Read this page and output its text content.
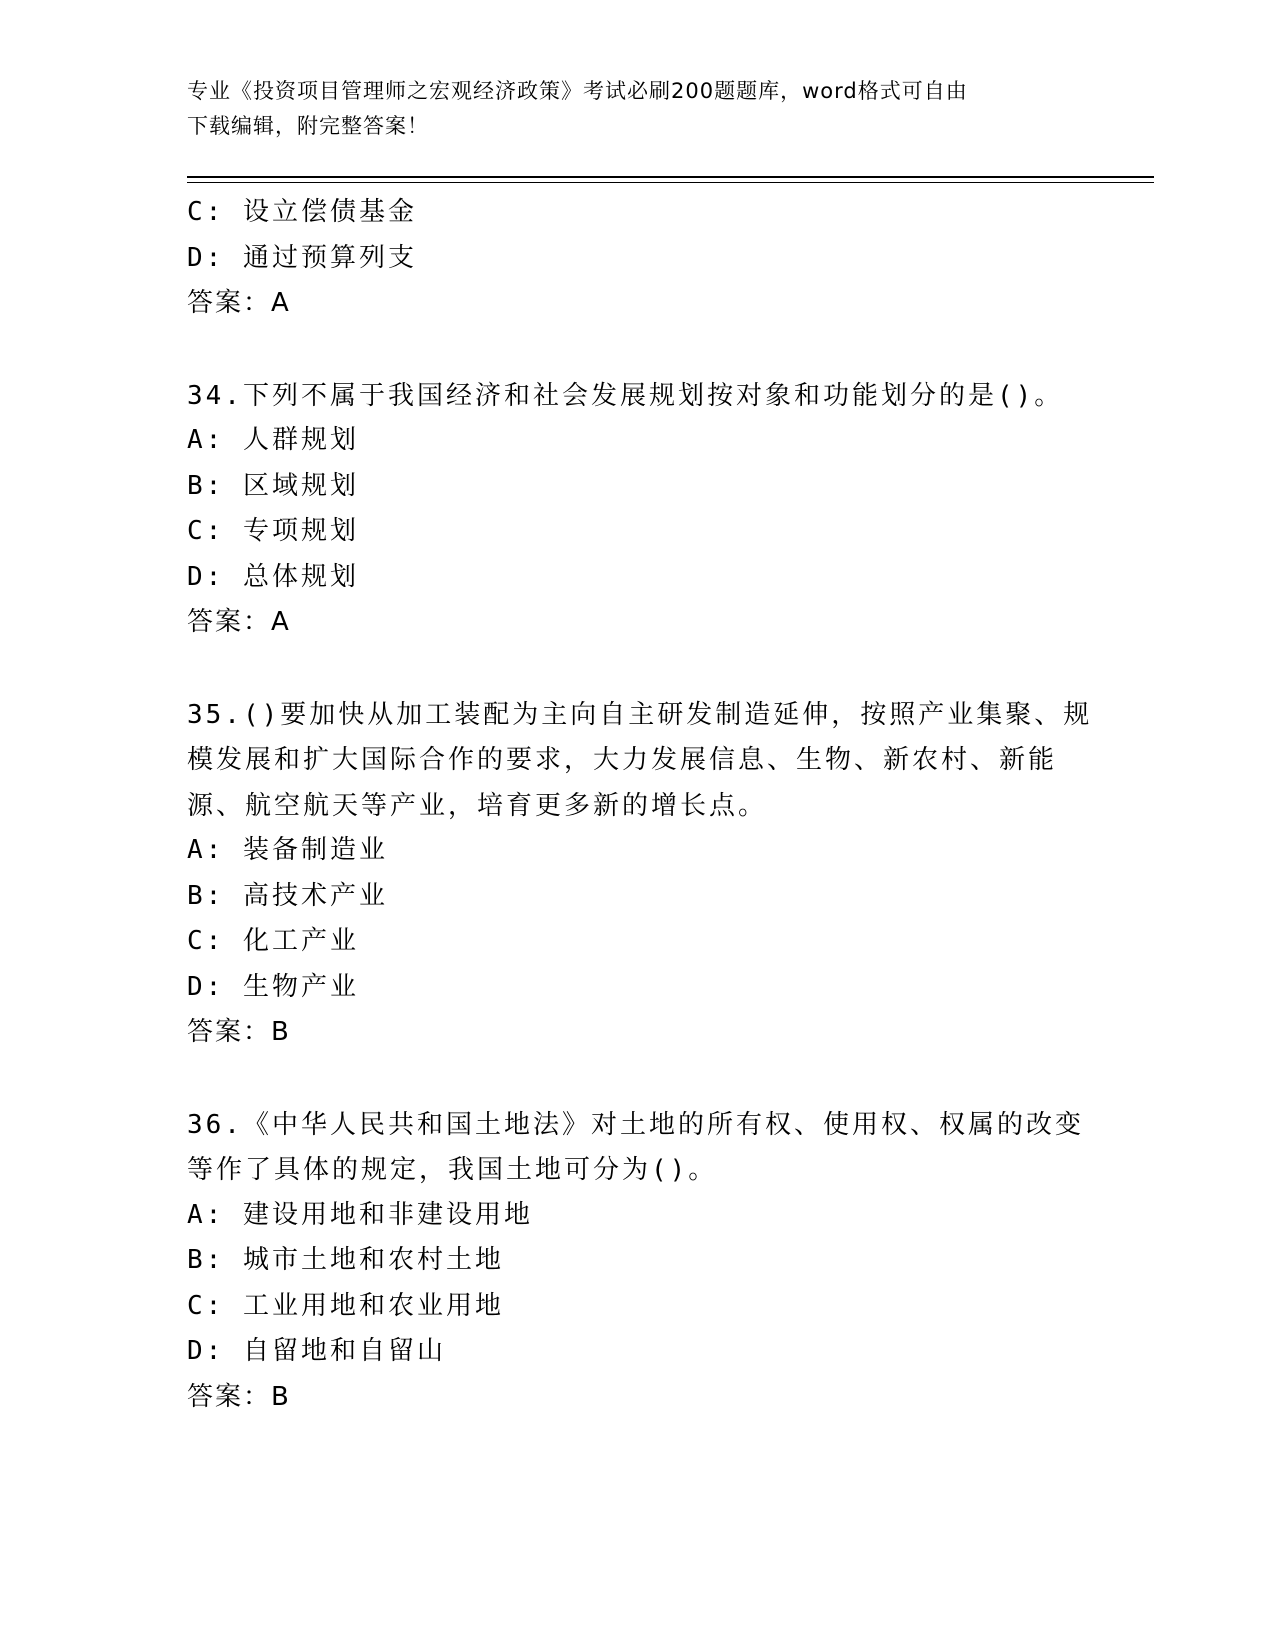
专业《投资项目管理师之宏观经济政策》考试必刷200题题库，word格式可自由
下载编辑，附完整答案！
C: 设立偿债基金
D: 通过预算列支
答案：A
34.下列不属于我国经济和社会发展规划按对象和功能划分的是()。
A: 人群规划
B: 区域规划
C: 专项规划
D: 总体规划
答案：A
35.()要加快从加工装配为主向自主研发制造延伸，按照产业集聚、规
模发展和扩大国际合作的要求，大力发展信息、生物、新农村、新能
源、航空航天等产业，培育更多新的增长点。
A: 装备制造业
B: 高技术产业
C: 化工产业
D: 生物产业
答案：B
36.《中华人民共和国土地法》对土地的所有权、使用权、权属的改变
等作了具体的规定，我国土地可分为()。
A: 建设用地和非建设用地
B: 城市土地和农村土地
C: 工业用地和农业用地
D: 自留地和自留山
答案：B
